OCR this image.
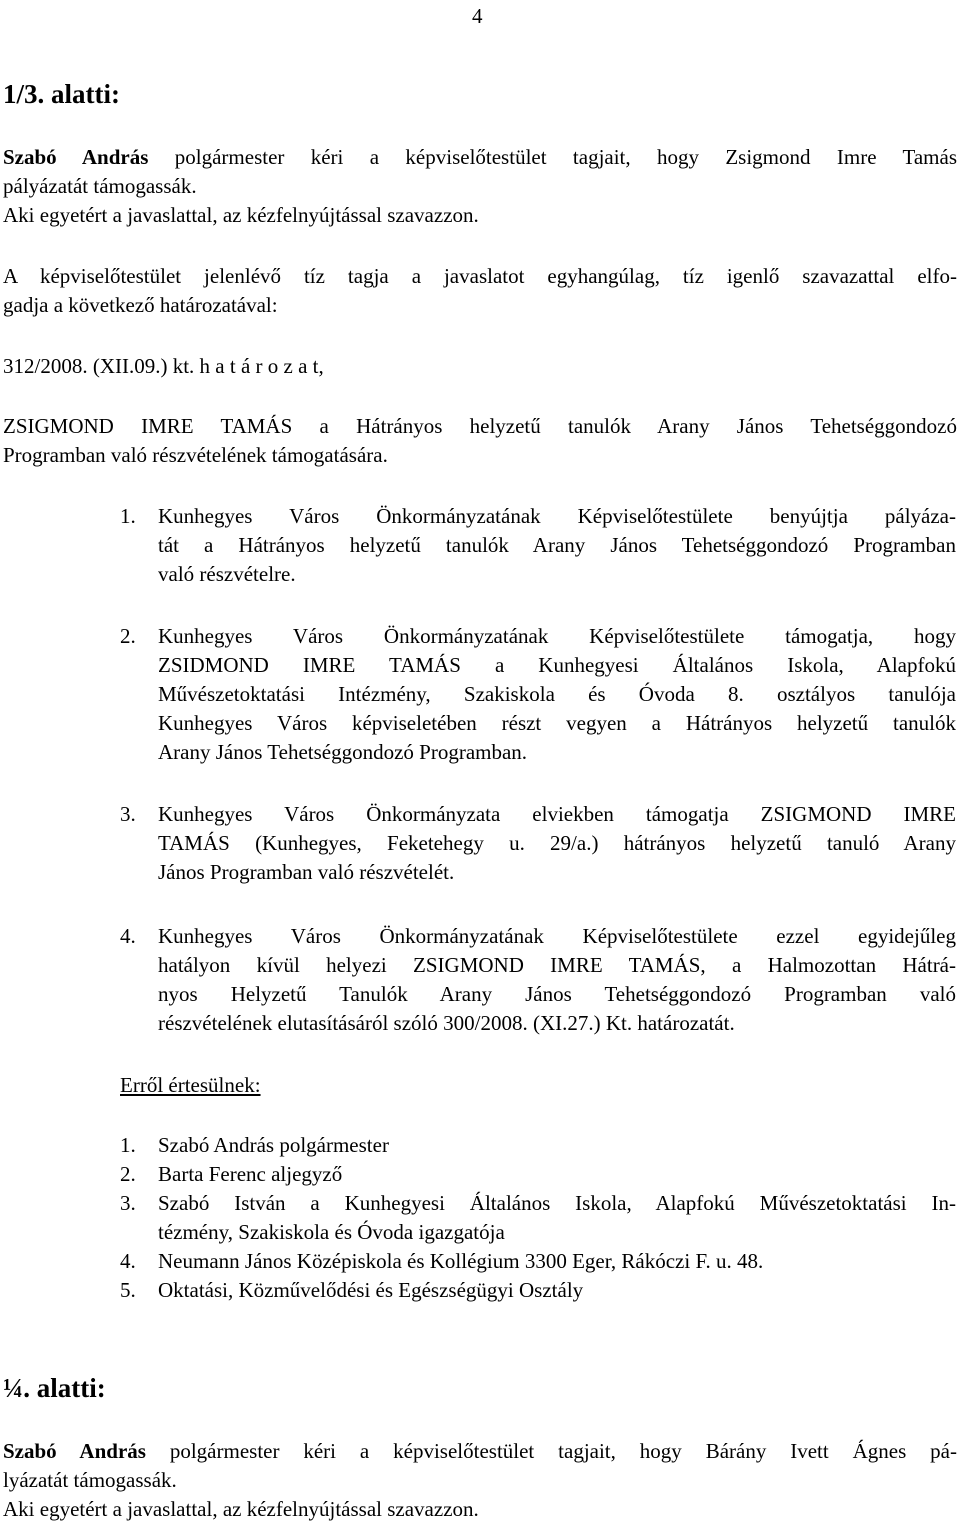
4
1/3. alatti:
Szabó András polgármester kéri a képviselőtestület tagjait, hogy Zsigmond Imre Tamás
pályázatát támogassák.
Aki egyetért a javaslattal, az kézfelnyújtással szavazzon.
A képviselőtestület jelenlévő tíz tagja a javaslatot egyhangúlag, tíz igenlő szavazattal elfo-
gadja a következő határozatával:
312/2008. (XII.09.) kt. h a t á r o z a t,
ZSIGMOND IMRE TAMÁS a Hátrányos helyzetű tanulók Arany János Tehetséggondozó
Programban való részvételének támogatására.
1. Kunhegyes Város Önkormányzatának Képviselőtestülete benyújtja pályáza-
tát a Hátrányos helyzetű tanulók Arany János Tehetséggondozó Programban
való részvételre.
2. Kunhegyes Város Önkormányzatának Képviselőtestülete támogatja, hogy
ZSIDMOND IMRE TAMÁS a Kunhegyesi Általános Iskola, Alapfokú
Művészetoktatási Intézmény, Szakiskola és Óvoda 8. osztályos tanulója
Kunhegyes Város képviseletében részt vegyen a Hátrányos helyzetű tanulók
Arany János Tehetséggondozó Programban.
3. Kunhegyes Város Önkormányzata elviekben támogatja ZSIGMOND IMRE
TAMÁS (Kunhegyes, Feketehegy u. 29/a.) hátrányos helyzetű tanuló Arany
János Programban való részvételét.
4. Kunhegyes Város Önkormányzatának Képviselőtestülete ezzel egyidejűleg
hatályon kívül helyezi ZSIGMOND IMRE TAMÁS, a Halmozottan Hátrá-
nyos Helyzetű Tanulók Arany János Tehetséggondozó Programban való
részvételének elutasításáról szóló 300/2008. (XI.27.) Kt. határozatát.
Erről értesülnek:
1.	Szabó András polgármester
2.	Barta Ferenc aljegyző
3.	Szabó István a Kunhegyesi Általános Iskola, Alapfokú Művészetoktatási In-
tézmény, Szakiskola és Óvoda igazgatója
4.	Neumann János Középiskola és Kollégium 3300 Eger, Rákóczi F. u. 48.
5.	Oktatási, Közművelődési és Egészségügyi Osztály
¼. alatti:
Szabó András polgármester kéri a képviselőtestület tagjait, hogy Bárány Ivett Ágnes pá-
lyázatát támogassák.
Aki egyetért a javaslattal, az kézfelnyújtással szavazzon.
